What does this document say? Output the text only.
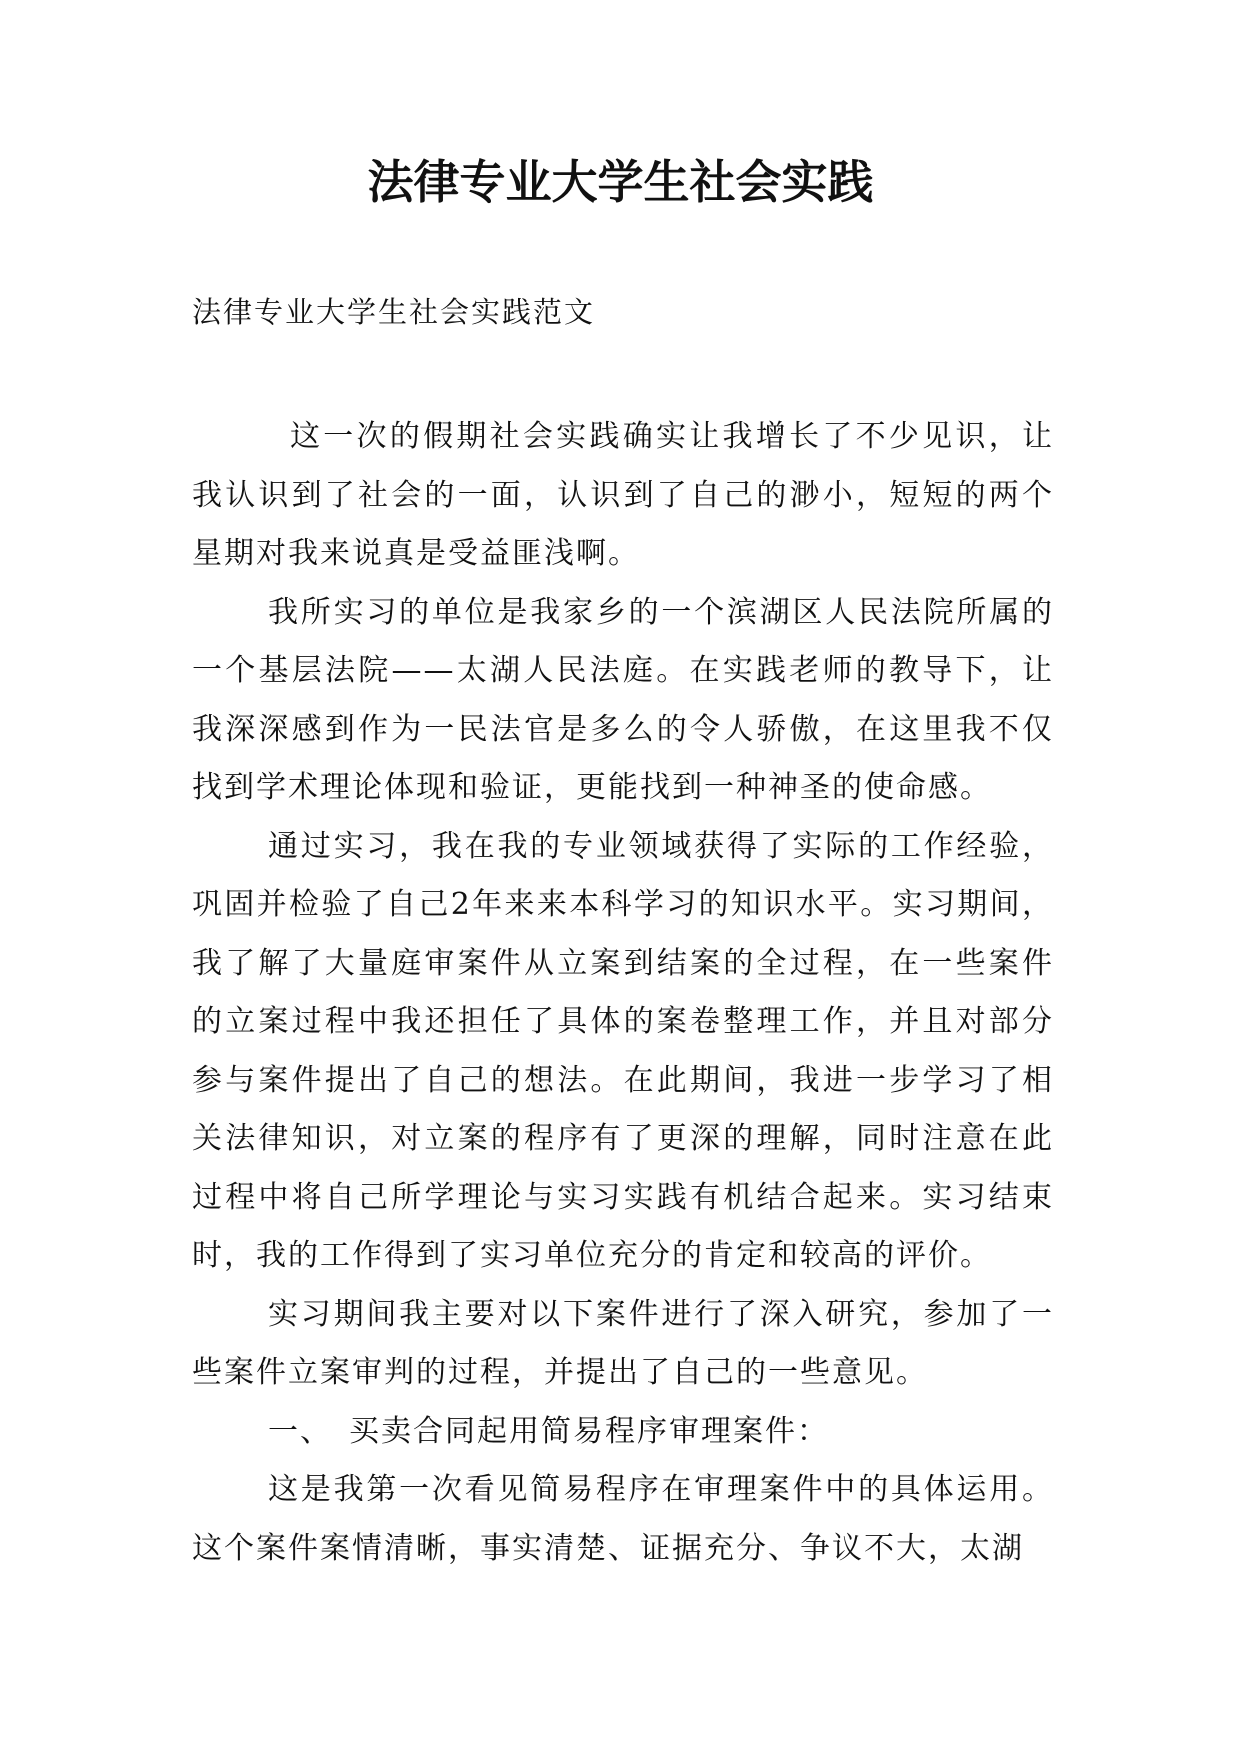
法律专业大学生社会实践

法律专业大学生社会实践范文

这一次的假期社会实践确实让我增长了不少见识，让我认识到了社会的一面，认识到了自己的渺小，短短的两个星期对我来说真是受益匪浅啊。

我所实习的单位是我家乡的一个滨湖区人民法院所属的一个基层法院——太湖人民法庭。在实践老师的教导下，让我深深感到作为一民法官是多么的令人骄傲，在这里我不仅找到学术理论体现和验证，更能找到一种神圣的使命感。

通过实习，我在我的专业领域获得了实际的工作经验，巩固并检验了自己2年来来本科学习的知识水平。实习期间，我了解了大量庭审案件从立案到结案的全过程，在一些案件的立案过程中我还担任了具体的案卷整理工作，并且对部分参与案件提出了自己的想法。在此期间，我进一步学习了相关法律知识，对立案的程序有了更深的理解，同时注意在此过程中将自己所学理论与实习实践有机结合起来。实习结束时，我的工作得到了实习单位充分的肯定和较高的评价。

实习期间我主要对以下案件进行了深入研究，参加了一些案件立案审判的过程，并提出了自己的一些意见。

一、　买卖合同起用简易程序审理案件：

这是我第一次看见简易程序在审理案件中的具体运用。这个案件案情清晰，事实清楚、证据充分、争议不大，太湖
